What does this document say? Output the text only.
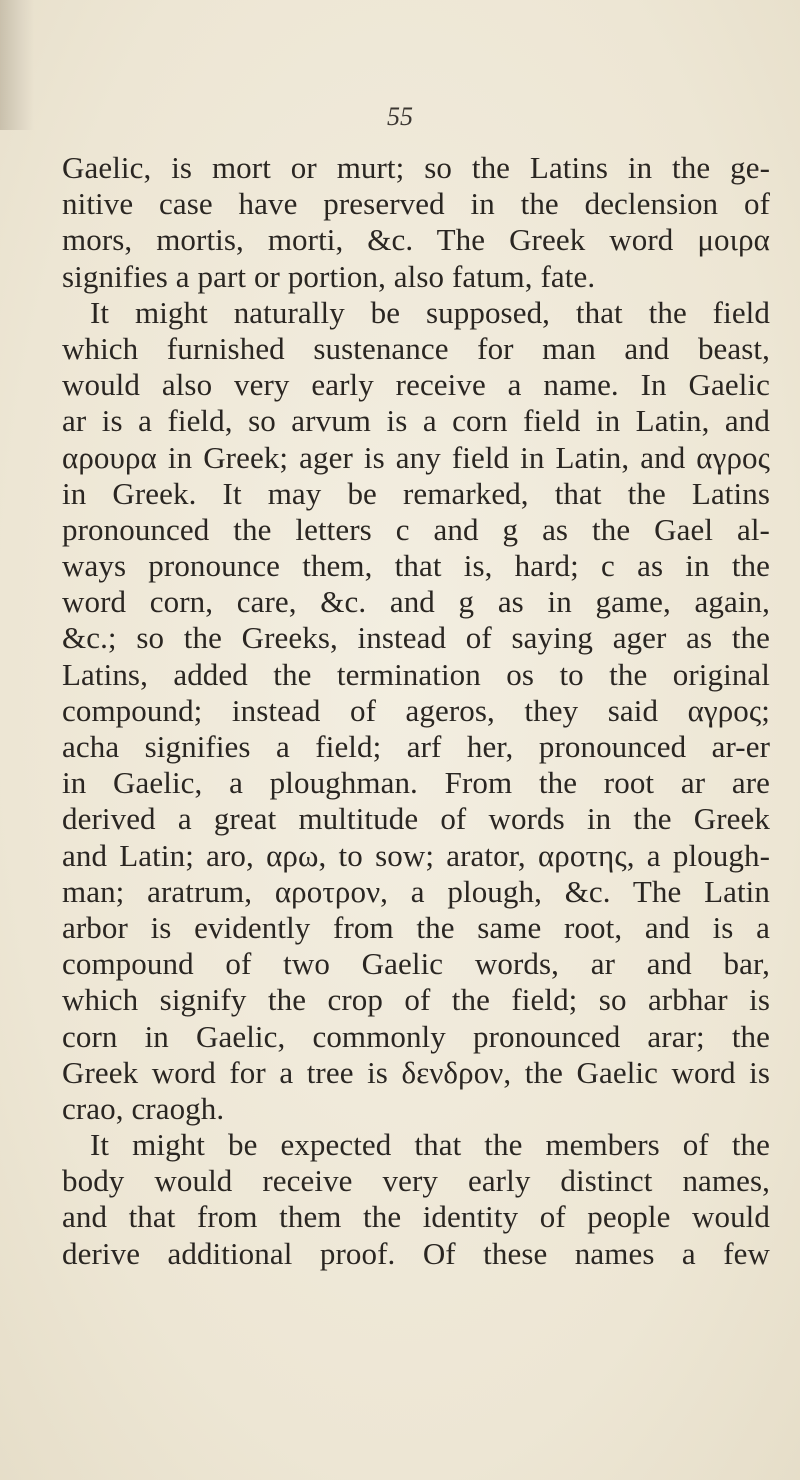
55
Gaelic, is mort or murt; so the Latins in the ge-
nitive case have preserved in the declension of
mors, mortis, morti, &c. The Greek word μοιρα
signifies a part or portion, also fatum, fate.
It might naturally be supposed, that the field
which furnished sustenance for man and beast,
would also very early receive a name. In Gaelic
ar is a field, so arvum is a corn field in Latin, and
αρουρα in Greek; ager is any field in Latin, and αγρος
in Greek. It may be remarked, that the Latins
pronounced the letters c and g as the Gael al-
ways pronounce them, that is, hard; c as in the
word corn, care, &c. and g as in game, again,
&c.; so the Greeks, instead of saying ager as the
Latins, added the termination os to the original
compound; instead of ageros, they said αγρος;
acha signifies a field; arf her, pronounced ar-er
in Gaelic, a ploughman. From the root ar are
derived a great multitude of words in the Greek
and Latin; aro, αρω, to sow; arator, αροτης, a plough-
man; aratrum, αροτρον, a plough, &c. The Latin
arbor is evidently from the same root, and is a
compound of two Gaelic words, ar and bar,
which signify the crop of the field; so arbhar is
corn in Gaelic, commonly pronounced arar; the
Greek word for a tree is δενδρον, the Gaelic word is
crao, craogh.
It might be expected that the members of the
body would receive very early distinct names,
and that from them the identity of people would
derive additional proof. Of these names a few
